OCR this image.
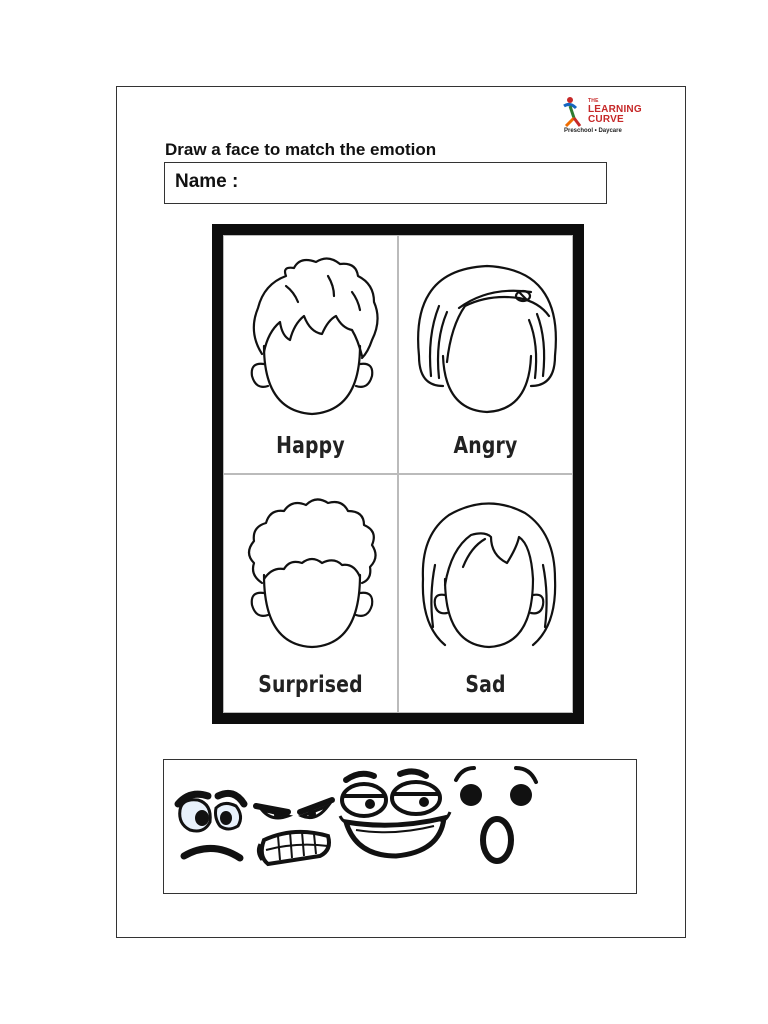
THE
LEARNING
CURVE
Preschool • Daycare
Draw a face to match the emotion
Name :
Happy	Angry
Surprised	Sad
